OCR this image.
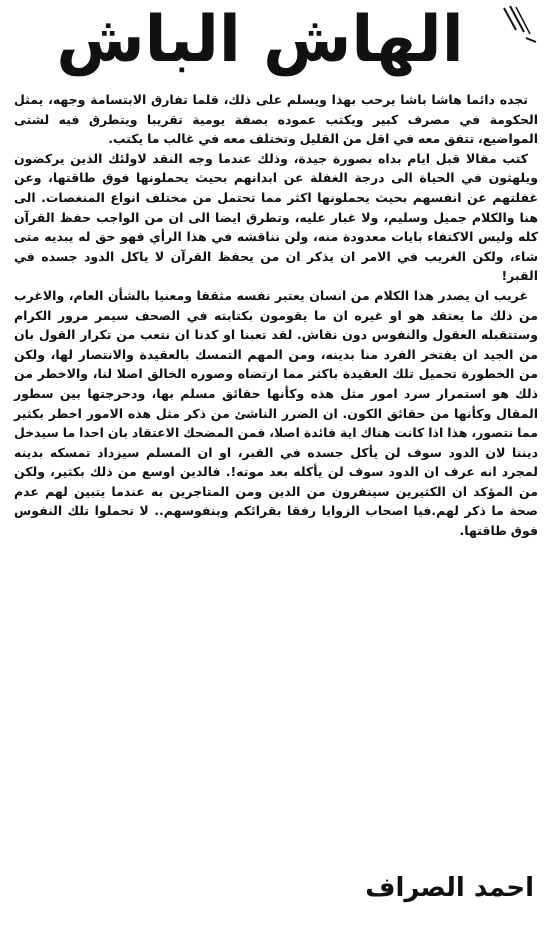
الهاش الباش

تجده دائما هاشا باشا يرحب بهذا ويسلم على ذلك، قلما تفارق الابتسامة وجهه، يمثل الحكومة في مصرف كبير ويكتب عموده بصفة يومية تقريبا ويتطرق فيه لشتى المواضيع، تتفق معه في اقل من القليل وتختلف معه في غالب ما يكتب.

كتب مقالا قبل ايام بداه بصورة جيدة، وذلك عندما وجه النقد لاولئك الذين يركضون ويلهثون في الحياة الى درجة الغفلة عن ابدانهم بحيث يحملونها فوق طاقتها، وعن غفلتهم عن انفسهم بحيث يحملونها اكثر مما تحتمل من مختلف انواع المنغصات. الى هنا والكلام جميل وسليم، ولا غبار عليه، وتطرق ايضا الى ان من الواجب حفظ القرآن كله وليس الاكتفاء بايات معدودة منه، ولن نناقشه في هذا الرأي فهو حق له يبديه متى شاء، ولكن الغريب في الامر ان يذكر ان من يحفظ القرآن لا ياكل الدود جسده في القبر!

غريب ان يصدر هذا الكلام من انسان يعتبر نفسه مثقفا ومعنيا بالشأن العام، والاغرب من ذلك ما يعتقد هو او غيره ان ما يقومون بكتابته في الصحف سيمر مرور الكرام وستتقبله العقول والنفوس دون نقاش. لقد تعبنا او كدنا ان نتعب من تكرار القول بان من الجيد ان يفتخر الفرد منا بدينه، ومن المهم التمسك بالعقيدة والانتصار لها، ولكن من الخطورة تحميل تلك العقيدة باكثر مما ارتضاه وصوره الخالق اصلا لنا، والاخطر من ذلك هو استمرار سرد امور مثل هذه وكأنها حقائق مسلم بها، ودحرجتها بين سطور المقال وكأنها من حقائق الكون. ان الضرر الناشئ من ذكر مثل هذه الامور اخطر بكثير مما نتصور، هذا اذا كانت هناك اية فائدة اصلا، فمن المضحك الاعتقاد بان احدا ما سيدخل ديننا لان الدود سوف لن يأكل جسده في القبر، او ان المسلم سيزداد تمسكه بدينه لمجرد انه عرف ان الدود سوف لن يأكله بعد موته!. فالدين اوسع من ذلك بكثير، ولكن من المؤكد ان الكثيرين سينفرون من الدين ومن المتاجرين به عندما يتبين لهم عدم صحة ما ذكر لهم.فيا اصحاب الزوايا رفقا بقرائكم وبنفوسهم.. لا تحملوا تلك النفوس فوق طاقتها.

احمد الصراف
